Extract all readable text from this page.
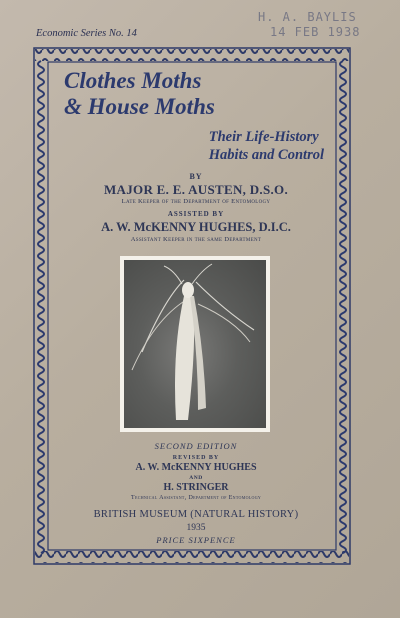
Economic Series No. 14
H. A. BAYLIS
14 FEB 1938
Clothes Moths
& House Moths
Their Life-History
Habits and Control
BY
MAJOR E. E. AUSTEN, D.S.O.
Late Keeper of the Department of Entomology
ASSISTED BY
A. W. McKENNY HUGHES, D.I.C.
Assistant Keeper in the same Department
SECOND EDITION
REVISED BY
A. W. McKENNY HUGHES
AND
H. STRINGER
Technical Assistant, Department of Entomology
BRITISH MUSEUM (NATURAL HISTORY)
1935
PRICE SIXPENCE
